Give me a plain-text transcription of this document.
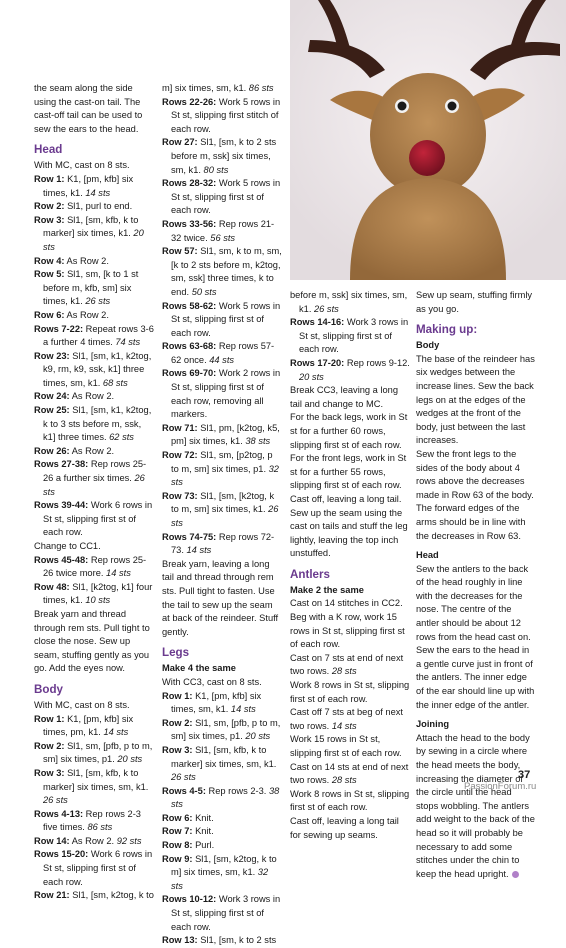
the seam along the side using the cast-on tail. The cast-off tail can be used to sew the ears to the head.

Head

With MC, cast on 8 sts.

Row 1: K1, [pm, kfb] six times, k1. 14 sts

Row 2: Sl1, purl to end.

Row 3: Sl1, [sm, kfb, k to marker] six times, k1. 20 sts

Row 4: As Row 2.

Row 5: Sl1, sm, [k to 1 st before m, kfb, sm] six times, k1. 26 sts

Row 6: As Row 2.

Rows 7-22: Repeat rows 3-6 a further 4 times. 74 sts

Row 23: Sl1, [sm, k1, k2tog, k9, rm, k9, ssk, k1] three times, sm, k1. 68 sts

Row 24: As Row 2.

Row 25: Sl1, [sm, k1, k2tog, k to 3 sts before m, ssk, k1] three times. 62 sts

Row 26: As Row 2.

Rows 27-38: Rep rows 25-26 a further six times. 26 sts

Rows 39-44: Work 6 rows in St st, slipping first st of each row.

Change to CC1.

Rows 45-48: Rep rows 25-26 twice more. 14 sts

Row 48: Sl1, [k2tog, k1] four times, k1. 10 sts

Break yarn and thread through rem sts. Pull tight to close the nose. Sew up seam, stuffing gently as you go. Add the eyes now.

Body

With MC, cast on 8 sts.

Row 1: K1, [pm, kfb] six times, pm, k1. 14 sts

Row 2: Sl1, sm, [pfb, p to m, sm] six times, p1. 20 sts

Row 3: Sl1, [sm, kfb, k to marker] six times, sm, k1. 26 sts

Rows 4-13: Rep rows 2-3 five times. 86 sts

Row 14: As Row 2. 92 sts

Rows 15-20: Work 6 rows in St st, slipping first st of each row.

Row 21: Sl1, [sm, k2tog, k to

m] six times, sm, k1. 86 sts

Rows 22-26: Work 5 rows in St st, slipping first stitch of each row.

Row 27: Sl1, [sm, k to 2 sts before m, ssk] six times, sm, k1. 80 sts

Rows 28-32: Work 5 rows in St st, slipping first st of each row.

Rows 33-56: Rep rows 21-32 twice. 56 sts

Row 57: Sl1, sm, k to m, sm, [k to 2 sts before m, k2tog, sm, ssk] three times, k to end. 50 sts

Rows 58-62: Work 5 rows in St st, slipping first st of each row.

Rows 63-68: Rep rows 57-62 once. 44 sts

Rows 69-70: Work 2 rows in St st, slipping first st of each row, removing all markers.

Row 71: Sl1, pm, [k2tog, k5, pm] six times, k1. 38 sts

Row 72: Sl1, sm, [p2tog, p to m, sm] six times, p1. 32 sts

Row 73: Sl1, [sm, [k2tog, k to m, sm] six times, k1. 26 sts

Rows 74-75: Rep rows 72-73. 14 sts

Break yarn, leaving a long tail and thread through rem sts. Pull tight to fasten. Use the tail to sew up the seam at back of the reindeer. Stuff gently.

Legs

Make 4 the same

With CC3, cast on 8 sts.

Row 1: K1, [pm, kfb] six times, sm, k1. 14 sts

Row 2: Sl1, sm, [pfb, p to m, sm] six times, p1. 20 sts

Row 3: Sl1, [sm, kfb, k to marker] six times, sm, k1. 26 sts

Rows 4-5: Rep rows 2-3. 38 sts

Row 6: Knit.

Row 7: Knit.

Row 8: Purl.

Row 9: Sl1, [sm, k2tog, k to m] six times, sm, k1. 32 sts

Rows 10-12: Work 3 rows in St st, slipping first st of each row.

Row 13: Sl1, [sm, k to 2 sts

before m, ssk] six times, sm, k1. 26 sts

Rows 14-16: Work 3 rows in St st, slipping first st of each row.

Rows 17-20: Rep rows 9-12. 20 sts

Break CC3, leaving a long tail and change to MC.

For the back legs, work in St st for a further 60 rows, slipping first st of each row.

For the front legs, work in St st for a further 55 rows, slipping first st of each row.

Cast off, leaving a long tail. Sew up the seam using the cast on tails and stuff the leg lightly, leaving the top inch unstuffed.

Antlers

Make 2 the same

Cast on 14 stitches in CC2.

Beg with a K row, work 15 rows in St st, slipping first st of each row.

Cast on 7 sts at end of next two rows. 28 sts

Work 8 rows in St st, slipping first st of each row.

Cast off 7 sts at beg of next two rows. 14 sts

Work 15 rows in St st, slipping first st of each row.

Cast on 14 sts at end of next two rows. 28 sts

Work 8 rows in St st, slipping first st of each row.

Cast off, leaving a long tail for sewing up seams.

Sew up seam, stuffing firmly as you go.

Making up:

Body

The base of the reindeer has six wedges between the increase lines. Sew the back legs on at the edges of the wedges at the front of the body, just between the last increases.

Sew the front legs to the sides of the body about 4 rows above the decreases made in Row 63 of the body. The forward edges of the arms should be in line with the decreases in Row 63.

Head

Sew the antlers to the back of the head roughly in line with the decreases for the nose. The centre of the antler should be about 12 rows from the head cast on.

Sew the ears to the head in a gentle curve just in front of the antlers. The inner edge of the ear should line up with the inner edge of the antler.

Joining

Attach the head to the body by sewing in a circle where the head meets the body, increasing the diameter of the circle until the head stops wobbling. The antlers add weight to the back of the head so it will probably be necessary to add some stitches under the chin to keep the head upright.

37
PassionForum.ru
